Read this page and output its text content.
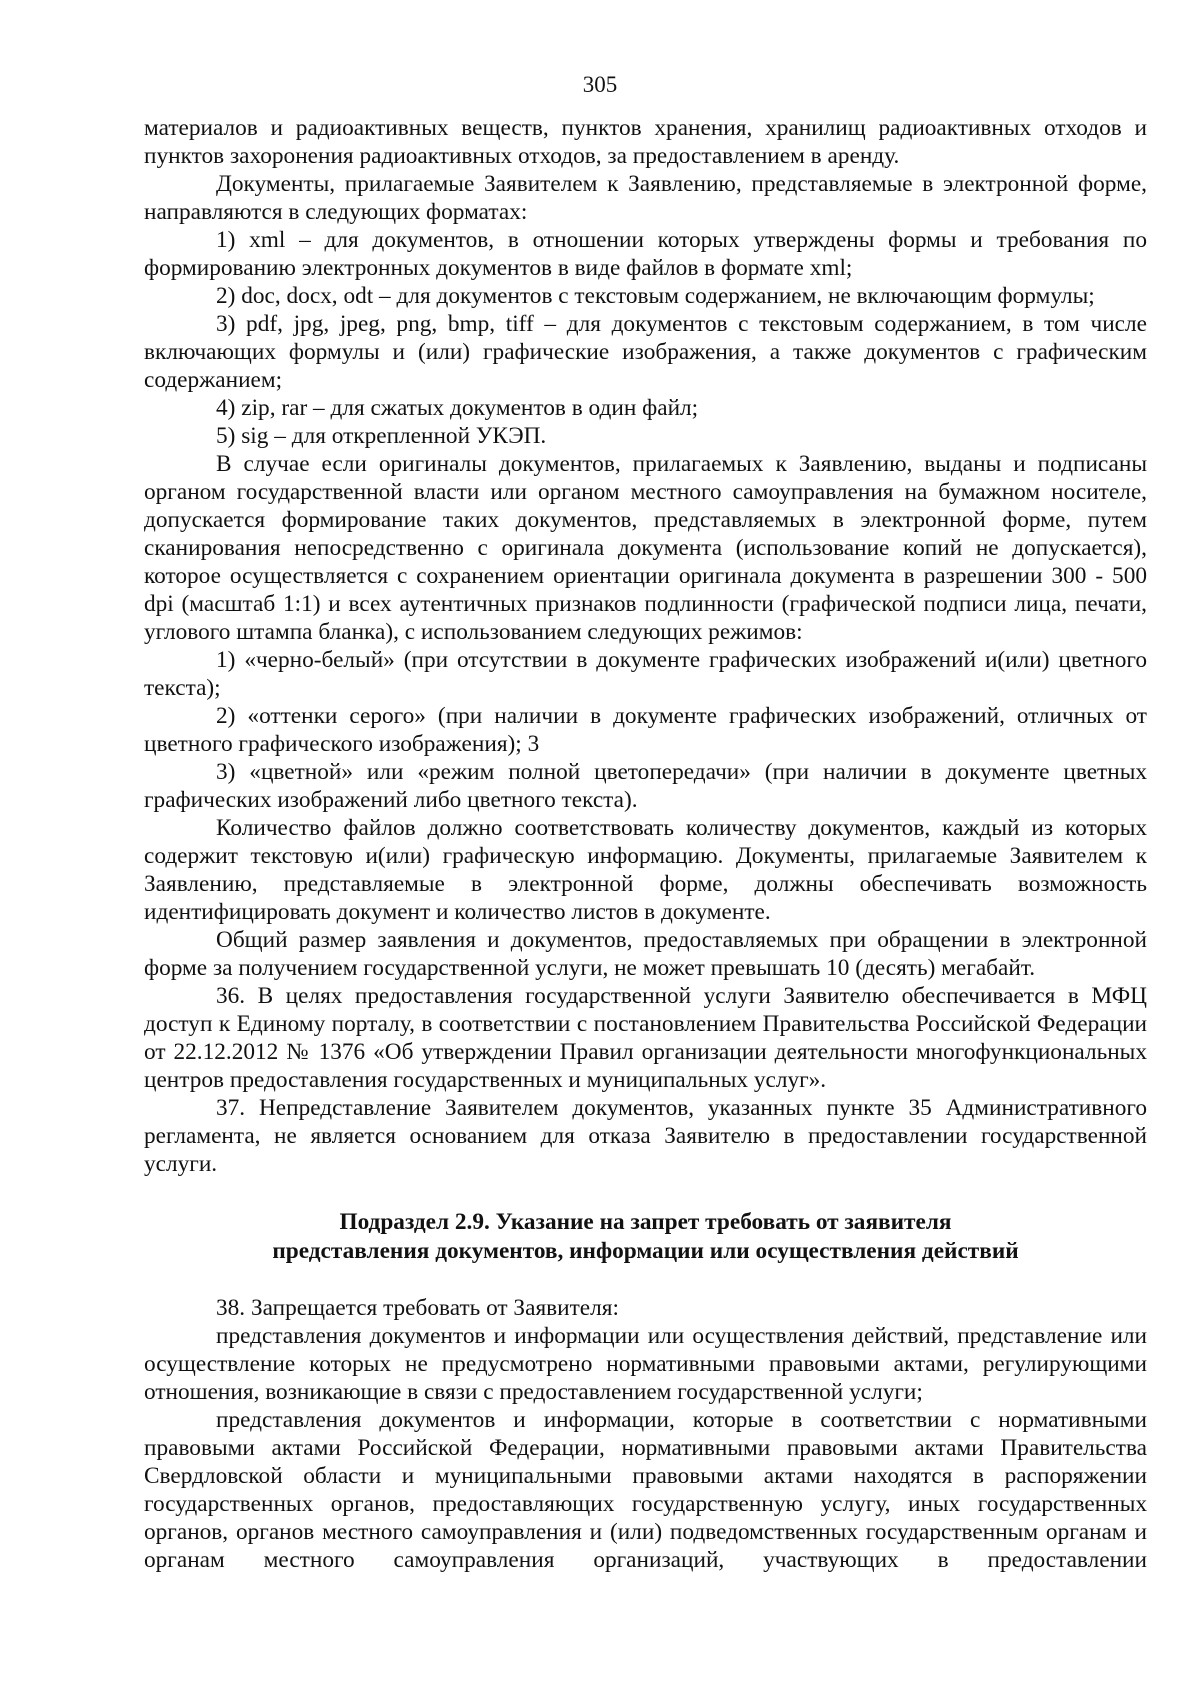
305

материалов и радиоактивных веществ, пунктов хранения, хранилищ радиоактивных отходов и пунктов захоронения радиоактивных отходов, за предоставлением в аренду.

Документы, прилагаемые Заявителем к Заявлению, представляемые в электронной форме, направляются в следующих форматах:

1) xml – для документов, в отношении которых утверждены формы и требования по формированию электронных документов в виде файлов в формате xml;

2) doc, docx, odt – для документов с текстовым содержанием, не включающим формулы;

3) pdf, jpg, jpeg, png, bmp, tiff – для документов с текстовым содержанием, в том числе включающих формулы и (или) графические изображения, а также документов с графическим содержанием;

4) zip, rar – для сжатых документов в один файл;

5) sig – для открепленной УКЭП.

В случае если оригиналы документов, прилагаемых к Заявлению, выданы и подписаны органом государственной власти или органом местного самоуправления на бумажном носителе, допускается формирование таких документов, представляемых в электронной форме, путем сканирования непосредственно с оригинала документа (использование копий не допускается), которое осуществляется с сохранением ориентации оригинала документа в разрешении 300 - 500 dpi (масштаб 1:1) и всех аутентичных признаков подлинности (графической подписи лица, печати, углового штампа бланка), с использованием следующих режимов:

1) «черно-белый» (при отсутствии в документе графических изображений и(или) цветного текста);

2) «оттенки серого» (при наличии в документе графических изображений, отличных от цветного графического изображения); 3

3) «цветной» или «режим полной цветопередачи» (при наличии в документе цветных графических изображений либо цветного текста).

Количество файлов должно соответствовать количеству документов, каждый из которых содержит текстовую и(или) графическую информацию. Документы, прилагаемые Заявителем к Заявлению, представляемые в электронной форме, должны обеспечивать возможность идентифицировать документ и количество листов в документе.

Общий размер заявления и документов, предоставляемых при обращении в электронной форме за получением государственной услуги, не может превышать 10 (десять) мегабайт.

36. В целях предоставления государственной услуги Заявителю обеспечивается в МФЦ доступ к Единому порталу, в соответствии с постановлением Правительства Российской Федерации от 22.12.2012 № 1376 «Об утверждении Правил организации деятельности многофункциональных центров предоставления государственных и муниципальных услуг».

37. Непредставление Заявителем документов, указанных пункте 35 Административного регламента, не является основанием для отказа Заявителю в предоставлении государственной услуги.

Подраздел 2.9. Указание на запрет требовать от заявителя
представления документов, информации или осуществления действий

38. Запрещается требовать от Заявителя:

представления документов и информации или осуществления действий, представление или осуществление которых не предусмотрено нормативными правовыми актами, регулирующими отношения, возникающие в связи с предоставлением государственной услуги;

представления документов и информации, которые в соответствии с нормативными правовыми актами Российской Федерации, нормативными правовыми актами Правительства Свердловской области и муниципальными правовыми актами находятся в распоряжении государственных органов, предоставляющих государственную услугу, иных государственных органов, органов местного самоуправления и (или) подведомственных государственным органам и органам местного самоуправления организаций, участвующих в предоставлении
